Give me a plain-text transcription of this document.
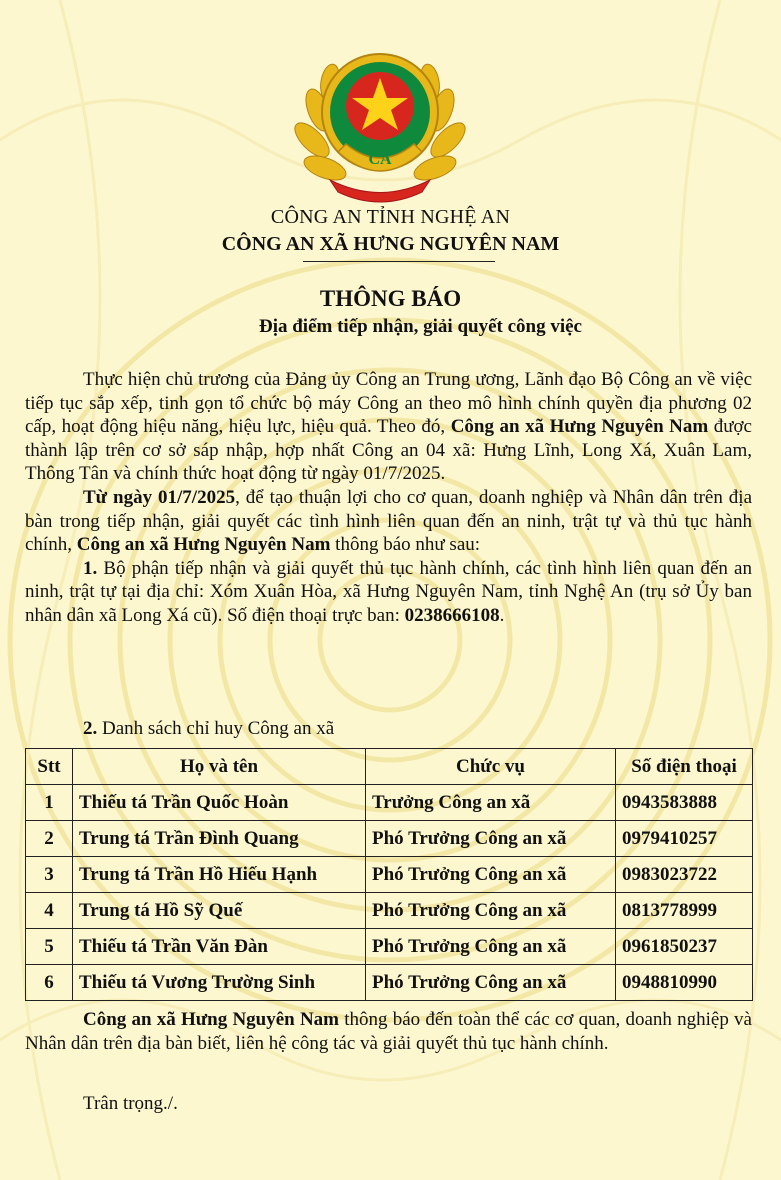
CA
CÔNG AN TỈNH NGHỆ AN
CÔNG AN XÃ HƯNG NGUYÊN NAM
THÔNG BÁO
Địa điểm tiếp nhận, giải quyết công việc

Thực hiện chủ trương của Đảng ủy Công an Trung ương, Lãnh đạo Bộ Công an về việc tiếp tục sắp xếp, tinh gọn tổ chức bộ máy Công an theo mô hình chính quyền địa phương 02 cấp, hoạt động hiệu năng, hiệu lực, hiệu quả. Theo đó, Công an xã Hưng Nguyên Nam được thành lập trên cơ sở sáp nhập, hợp nhất Công an 04 xã: Hưng Lĩnh, Long Xá, Xuân Lam, Thông Tân và chính thức hoạt động từ ngày 01/7/2025.

Từ ngày 01/7/2025, để tạo thuận lợi cho cơ quan, doanh nghiệp và Nhân dân trên địa bàn trong tiếp nhận, giải quyết các tình hình liên quan đến an ninh, trật tự và thủ tục hành chính, Công an xã Hưng Nguyên Nam thông báo như sau:

1. Bộ phận tiếp nhận và giải quyết thủ tục hành chính, các tình hình liên quan đến an ninh, trật tự tại địa chỉ: Xóm Xuân Hòa, xã Hưng Nguyên Nam, tỉnh Nghệ An (trụ sở Ủy ban nhân dân xã Long Xá cũ). Số điện thoại trực ban: 0238666108.

2. Danh sách chỉ huy Công an xã
Stt	Họ và tên	Chức vụ	Số điện thoại
1	Thiếu tá Trần Quốc Hoàn	Trưởng Công an xã	0943583888
2	Trung tá Trần Đình Quang	Phó Trưởng Công an xã	0979410257
3	Trung tá Trần Hồ Hiếu Hạnh	Phó Trưởng Công an xã	0983023722
4	Trung tá Hồ Sỹ Quế	Phó Trưởng Công an xã	0813778999
5	Thiếu tá Trần Văn Đàn	Phó Trưởng Công an xã	0961850237
6	Thiếu tá Vương Trường Sinh	Phó Trưởng Công an xã	0948810990

Công an xã Hưng Nguyên Nam thông báo đến toàn thể các cơ quan, doanh nghiệp và Nhân dân trên địa bàn biết, liên hệ công tác và giải quyết thủ tục hành chính.

Trân trọng./.
